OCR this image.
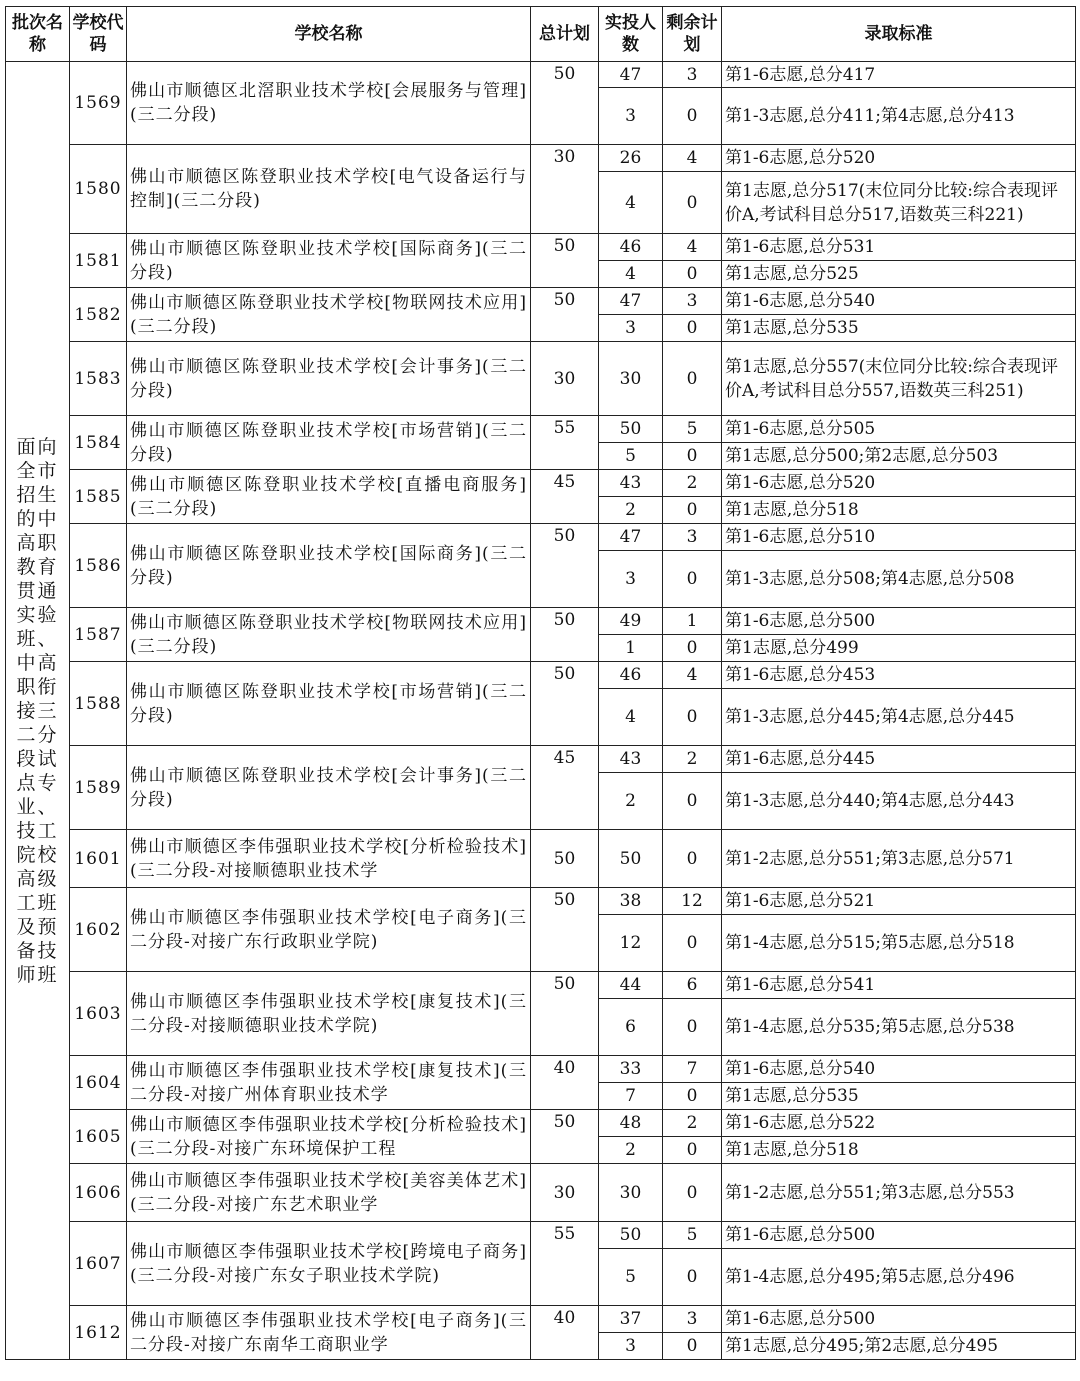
批次名称	学校代码	学校名称	总计划	实投人数	剩余计划	录取标准
面向全市招生的中高职教育贯通实验班、中高职衔接三二分段试点专业、技工院校高级工班及预备技师班	1569	佛山市顺德区北滘职业技术学校[会展服务与管理](三二分段)	50	47	3	第1-6志愿,总分417
				3	0	第1-3志愿,总分411;第4志愿,总分413
	1580	佛山市顺德区陈登职业技术学校[电气设备运行与控制](三二分段)	30	26	4	第1-6志愿,总分520
				4	0	第1志愿,总分517(末位同分比较:综合表现评价A,考试科目总分517,语数英三科221)
	1581	佛山市顺德区陈登职业技术学校[国际商务](三二分段)	50	46	4	第1-6志愿,总分531
				4	0	第1志愿,总分525
	1582	佛山市顺德区陈登职业技术学校[物联网技术应用](三二分段)	50	47	3	第1-6志愿,总分540
				3	0	第1志愿,总分535
	1583	佛山市顺德区陈登职业技术学校[会计事务](三二分段)	30	30	0	第1志愿,总分557(末位同分比较:综合表现评价A,考试科目总分557,语数英三科251)
	1584	佛山市顺德区陈登职业技术学校[市场营销](三二分段)	55	50	5	第1-6志愿,总分505
				5	0	第1志愿,总分500;第2志愿,总分503
	1585	佛山市顺德区陈登职业技术学校[直播电商服务](三二分段)	45	43	2	第1-6志愿,总分520
				2	0	第1志愿,总分518
	1586	佛山市顺德区陈登职业技术学校[国际商务](三二分段)	50	47	3	第1-6志愿,总分510
				3	0	第1-3志愿,总分508;第4志愿,总分508
	1587	佛山市顺德区陈登职业技术学校[物联网技术应用](三二分段)	50	49	1	第1-6志愿,总分500
				1	0	第1志愿,总分499
	1588	佛山市顺德区陈登职业技术学校[市场营销](三二分段)	50	46	4	第1-6志愿,总分453
				4	0	第1-3志愿,总分445;第4志愿,总分445
	1589	佛山市顺德区陈登职业技术学校[会计事务](三二分段)	45	43	2	第1-6志愿,总分445
				2	0	第1-3志愿,总分440;第4志愿,总分443
	1601	佛山市顺德区李伟强职业技术学校[分析检验技术](三二分段-对接顺德职业技术学	50	50	0	第1-2志愿,总分551;第3志愿,总分571
	1602	佛山市顺德区李伟强职业技术学校[电子商务](三二分段-对接广东行政职业学院)	50	38	12	第1-6志愿,总分521
				12	0	第1-4志愿,总分515;第5志愿,总分518
	1603	佛山市顺德区李伟强职业技术学校[康复技术](三二分段-对接顺德职业技术学院)	50	44	6	第1-6志愿,总分541
				6	0	第1-4志愿,总分535;第5志愿,总分538
	1604	佛山市顺德区李伟强职业技术学校[康复技术](三二分段-对接广州体育职业技术学	40	33	7	第1-6志愿,总分540
				7	0	第1志愿,总分535
	1605	佛山市顺德区李伟强职业技术学校[分析检验技术](三二分段-对接广东环境保护工程	50	48	2	第1-6志愿,总分522
				2	0	第1志愿,总分518
	1606	佛山市顺德区李伟强职业技术学校[美容美体艺术](三二分段-对接广东艺术职业学	30	30	0	第1-2志愿,总分551;第3志愿,总分553
	1607	佛山市顺德区李伟强职业技术学校[跨境电子商务](三二分段-对接广东女子职业技术学院)	55	50	5	第1-6志愿,总分500
				5	0	第1-4志愿,总分495;第5志愿,总分496
	1612	佛山市顺德区李伟强职业技术学校[电子商务](三二分段-对接广东南华工商职业学	40	37	3	第1-6志愿,总分500
				3	0	第1志愿,总分495;第2志愿,总分495
